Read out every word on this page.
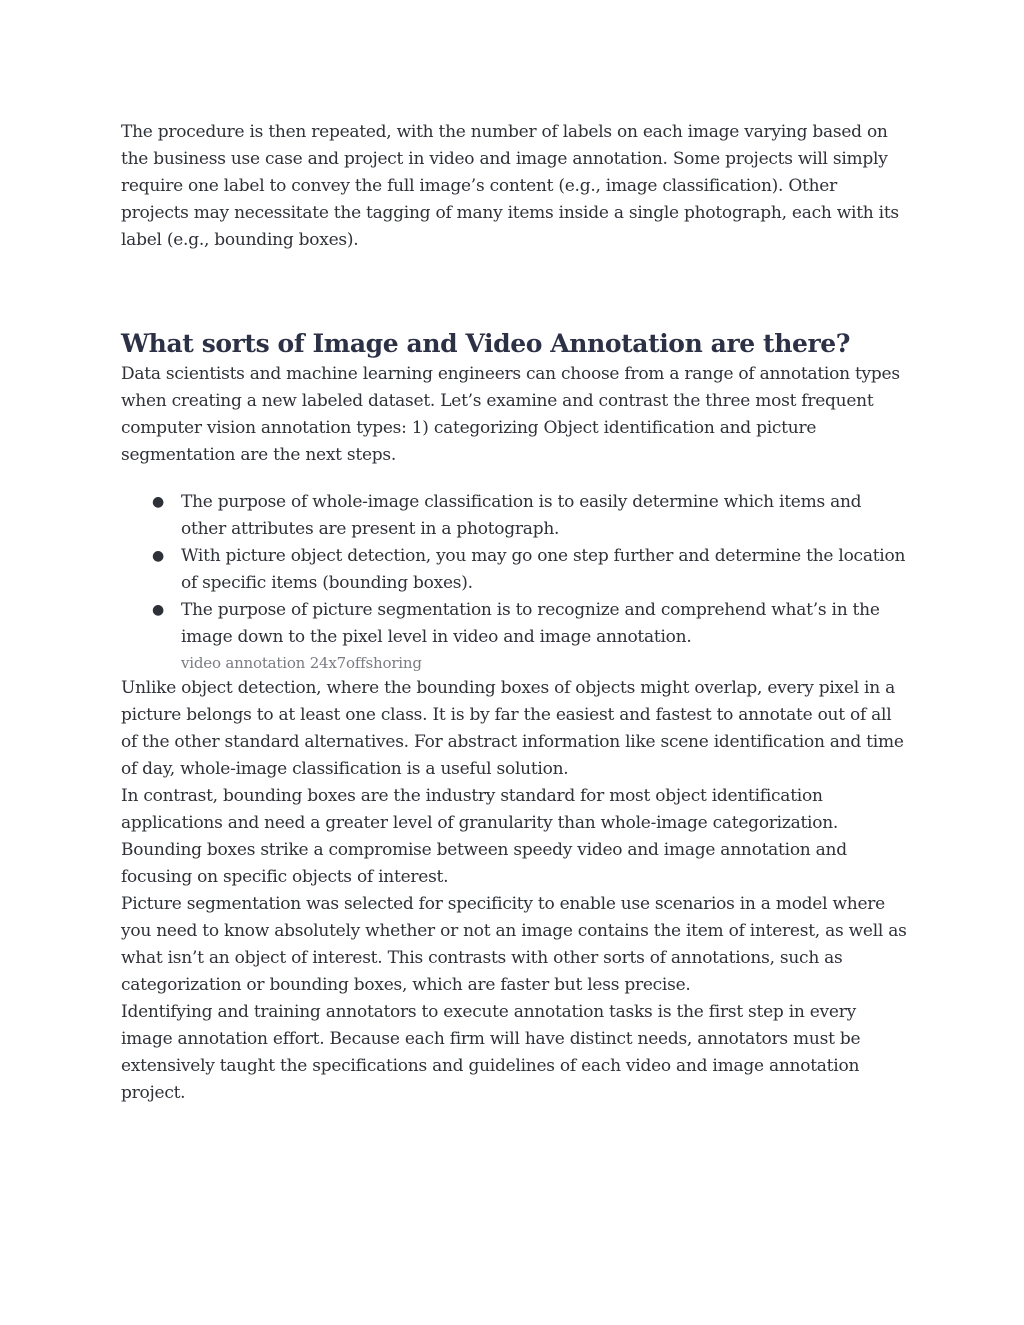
The procedure is then repeated, with the number of labels on each image varying based on the business use case and project in video and image annotation. Some projects will simply require one label to convey the full image’s content (e.g., image classification). Other projects may necessitate the tagging of many items inside a single photograph, each with its label (e.g., bounding boxes).

What sorts of Image and Video Annotation are there?

Data scientists and machine learning engineers can choose from a range of annotation types when creating a new labeled dataset. Let’s examine and contrast the three most frequent computer vision annotation types: 1) categorizing Object identification and picture segmentation are the next steps.

● The purpose of whole-image classification is to easily determine which items and other attributes are present in a photograph.
● With picture object detection, you may go one step further and determine the location of specific items (bounding boxes).
● The purpose of picture segmentation is to recognize and comprehend what’s in the image down to the pixel level in video and image annotation.
video annotation 24x7offshoring

Unlike object detection, where the bounding boxes of objects might overlap, every pixel in a picture belongs to at least one class. It is by far the easiest and fastest to annotate out of all of the other standard alternatives. For abstract information like scene identification and time of day, whole-image classification is a useful solution.

In contrast, bounding boxes are the industry standard for most object identification applications and need a greater level of granularity than whole-image categorization. Bounding boxes strike a compromise between speedy video and image annotation and focusing on specific objects of interest.

Picture segmentation was selected for specificity to enable use scenarios in a model where you need to know absolutely whether or not an image contains the item of interest, as well as what isn’t an object of interest. This contrasts with other sorts of annotations, such as categorization or bounding boxes, which are faster but less precise.

Identifying and training annotators to execute annotation tasks is the first step in every image annotation effort. Because each firm will have distinct needs, annotators must be extensively taught the specifications and guidelines of each video and image annotation project.
